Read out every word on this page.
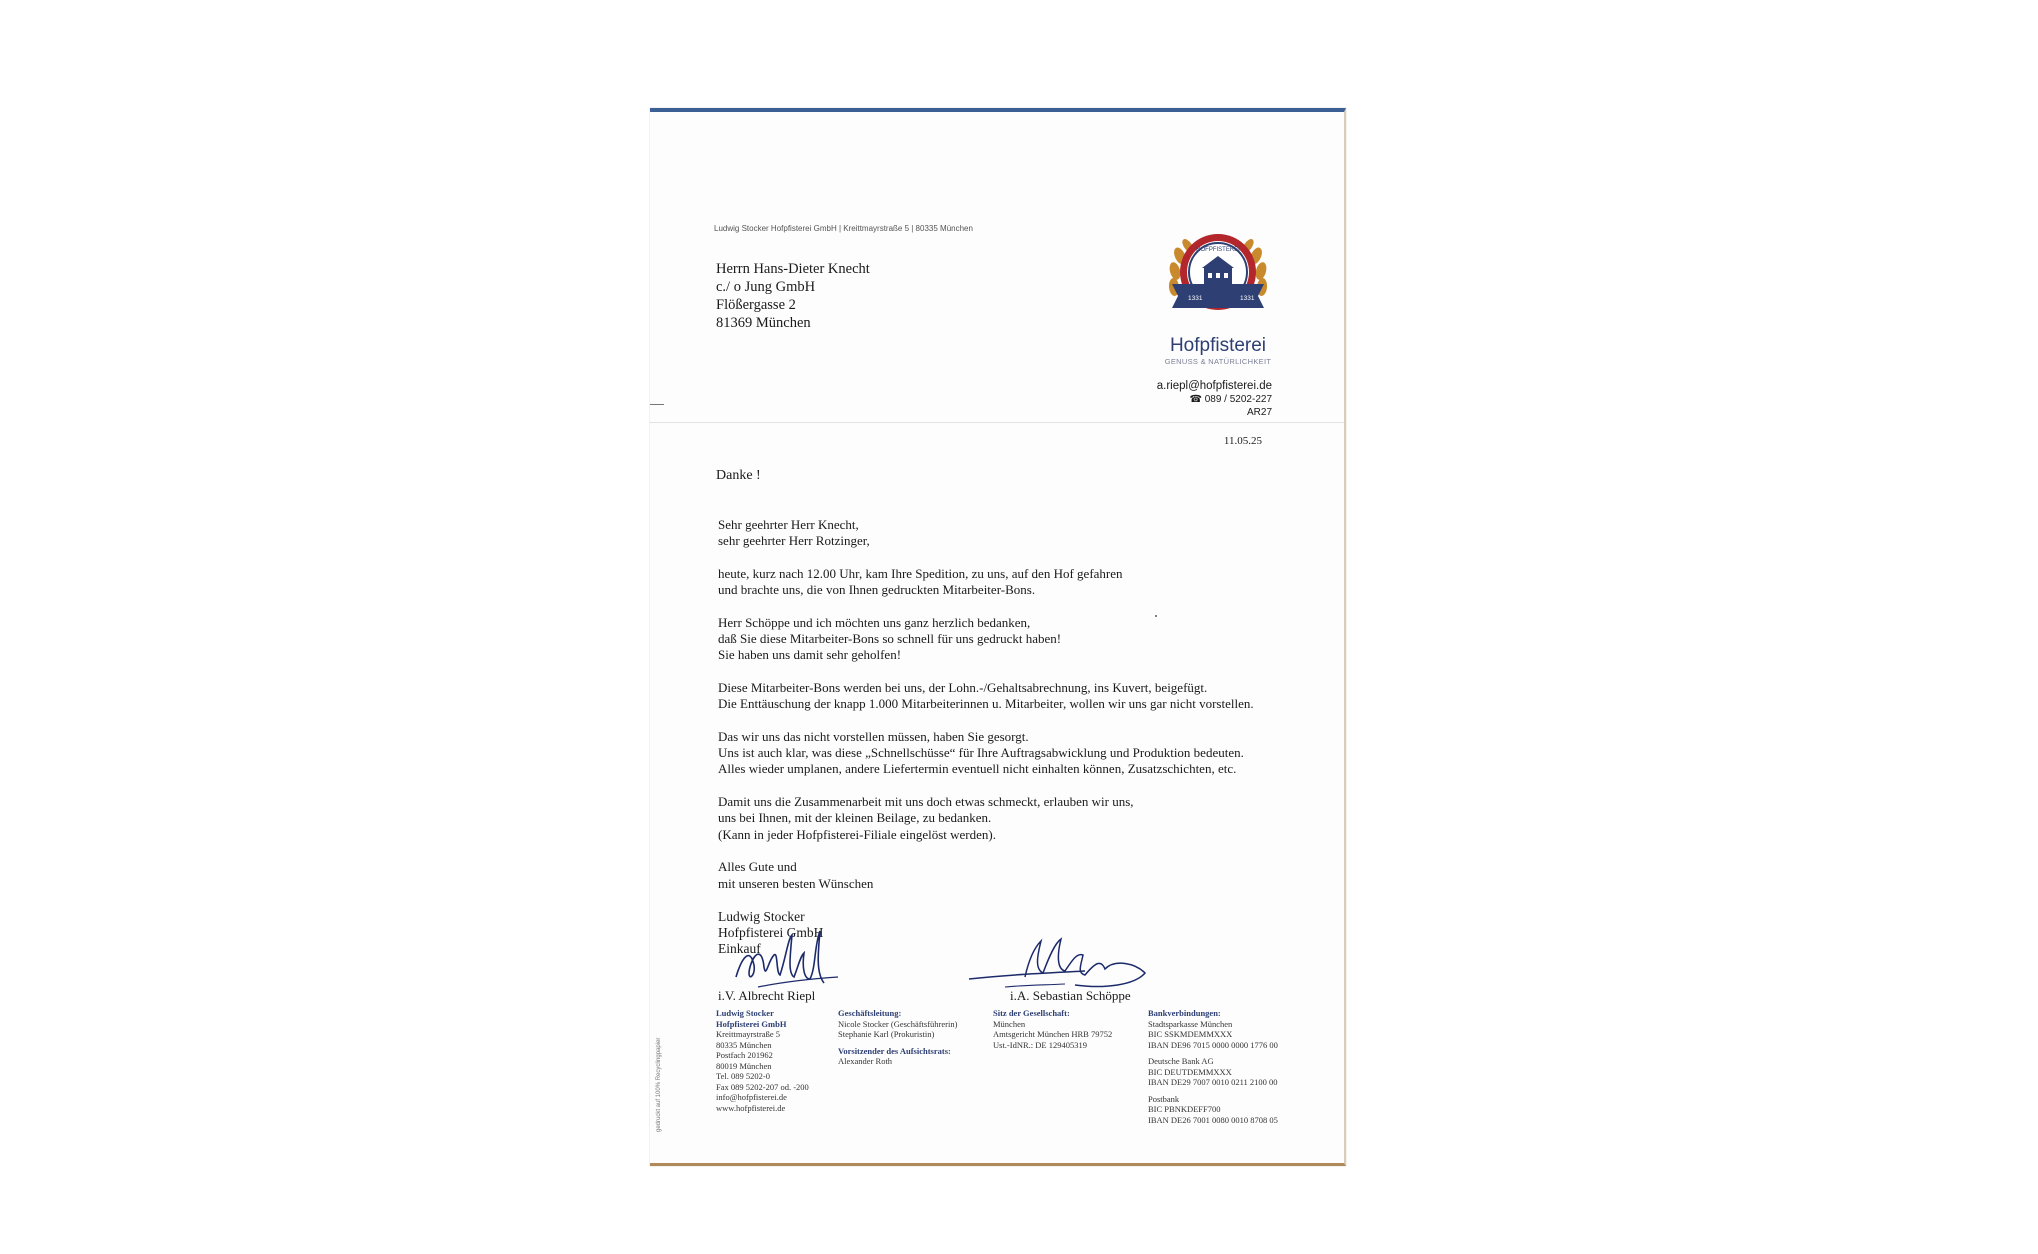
Ludwig Stocker Hofpfisterei GmbH | Kreittmayrstraße 5 | 80335 München
Herrn Hans-Dieter Knecht
c./ o Jung GmbH
Flößergasse 2
81369 München
HOFPFISTEREI
1331	1331
Hofpfisterei
GENUSS & NATÜRLICHKEIT
a.riepl@hofpfisterei.de
☎ 089 / 5202-227
AR27
11.05.25
Danke !

Sehr geehrter Herr Knecht,
sehr geehrter Herr Rotzinger,

heute, kurz nach 12.00 Uhr, kam Ihre Spedition, zu uns, auf den Hof gefahren
und brachte uns, die von Ihnen gedruckten Mitarbeiter-Bons.

Herr Schöppe und ich möchten uns ganz herzlich bedanken,
daß Sie diese Mitarbeiter-Bons so schnell für uns gedruckt haben!
Sie haben uns damit sehr geholfen!

Diese Mitarbeiter-Bons werden bei uns, der Lohn.-/Gehaltsabrechnung, ins Kuvert, beigefügt.
Die Enttäuschung der knapp 1.000 Mitarbeiterinnen u. Mitarbeiter, wollen wir uns gar nicht vorstellen.

Das wir uns das nicht vorstellen müssen, haben Sie gesorgt.
Uns ist auch klar, was diese „Schnellschüsse“ für Ihre Auftragsabwicklung und Produktion bedeuten.
Alles wieder umplanen, andere Liefertermin eventuell nicht einhalten können, Zusatzschichten, etc.

Damit uns die Zusammenarbeit mit uns doch etwas schmeckt, erlauben wir uns,
uns bei Ihnen, mit der kleinen Beilage, zu bedanken.
(Kann in jeder Hofpfisterei-Filiale eingelöst werden).

Alles Gute und
mit unseren besten Wünschen

Ludwig Stocker
Hofpfisterei GmbH
Einkauf
i.V. Albrecht Riepl	i.A. Sebastian Schöppe
Ludwig Stocker
Hofpfisterei GmbH
Kreittmayrstraße 5
80335 München
Postfach 201962
80019 München
Tel. 089 5202-0
Fax 089 5202-207 od. -200
info@hofpfisterei.de
www.hofpfisterei.de
Geschäftsleitung:
Nicole Stocker (Geschäftsführerin)
Stephanie Karl (Prokuristin)
Vorsitzender des Aufsichtsrats:
Alexander Roth
Sitz der Gesellschaft:
München
Amtsgericht München HRB 79752
Ust.-IdNR.: DE 129405319
Bankverbindungen:
Stadtsparkasse München
BIC SSKMDEMMXXX
IBAN DE96 7015 0000 0000 1776 00
Deutsche Bank AG
BIC DEUTDEMMXXX
IBAN DE29 7007 0010 0211 2100 00
Postbank
BIC PBNKDEFF700
IBAN DE26 7001 0080 0010 8708 05
gedruckt auf 100% Recyclingpapier
